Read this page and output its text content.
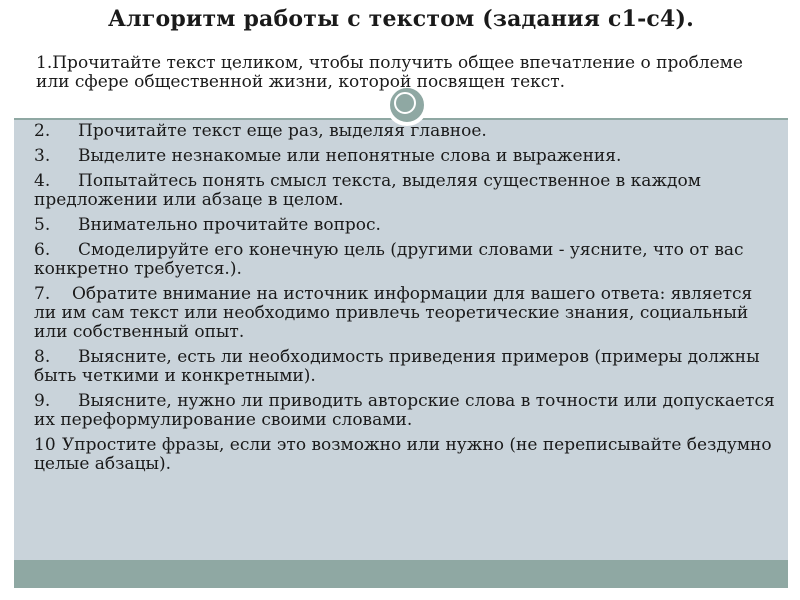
Алгоритм работы с текстом (задания с1-с4).
1.Прочитайте текст целиком, чтобы получить общее впечатление о проблеме или сфере общественной жизни, которой посвящен текст.
2. Прочитайте текст еще раз, выделяя главное.
3. Выделите незнакомые или непонятные слова и выражения.
4. Попытайтесь понять смысл текста, выделяя существенное в каждом предложении или абзаце в целом.
5. Внимательно прочитайте вопрос.
6. Смоделируйте его конечную цель (другими словами - уясните, что от вас конкретно требуется.).
7. Обратите внимание на источник информации для вашего ответа: является ли им сам текст или необходимо привлечь теоретические знания, социальный или собственный опыт.
8. Выясните, есть ли необходимость приведения примеров (примеры должны быть четкими и конкретными).
9. Выясните, нужно ли приводить авторские слова в точности или допускается их переформулирование своими словами.
10 Упростите фразы, если это возможно или нужно (не переписывайте бездумно целые абзацы).
